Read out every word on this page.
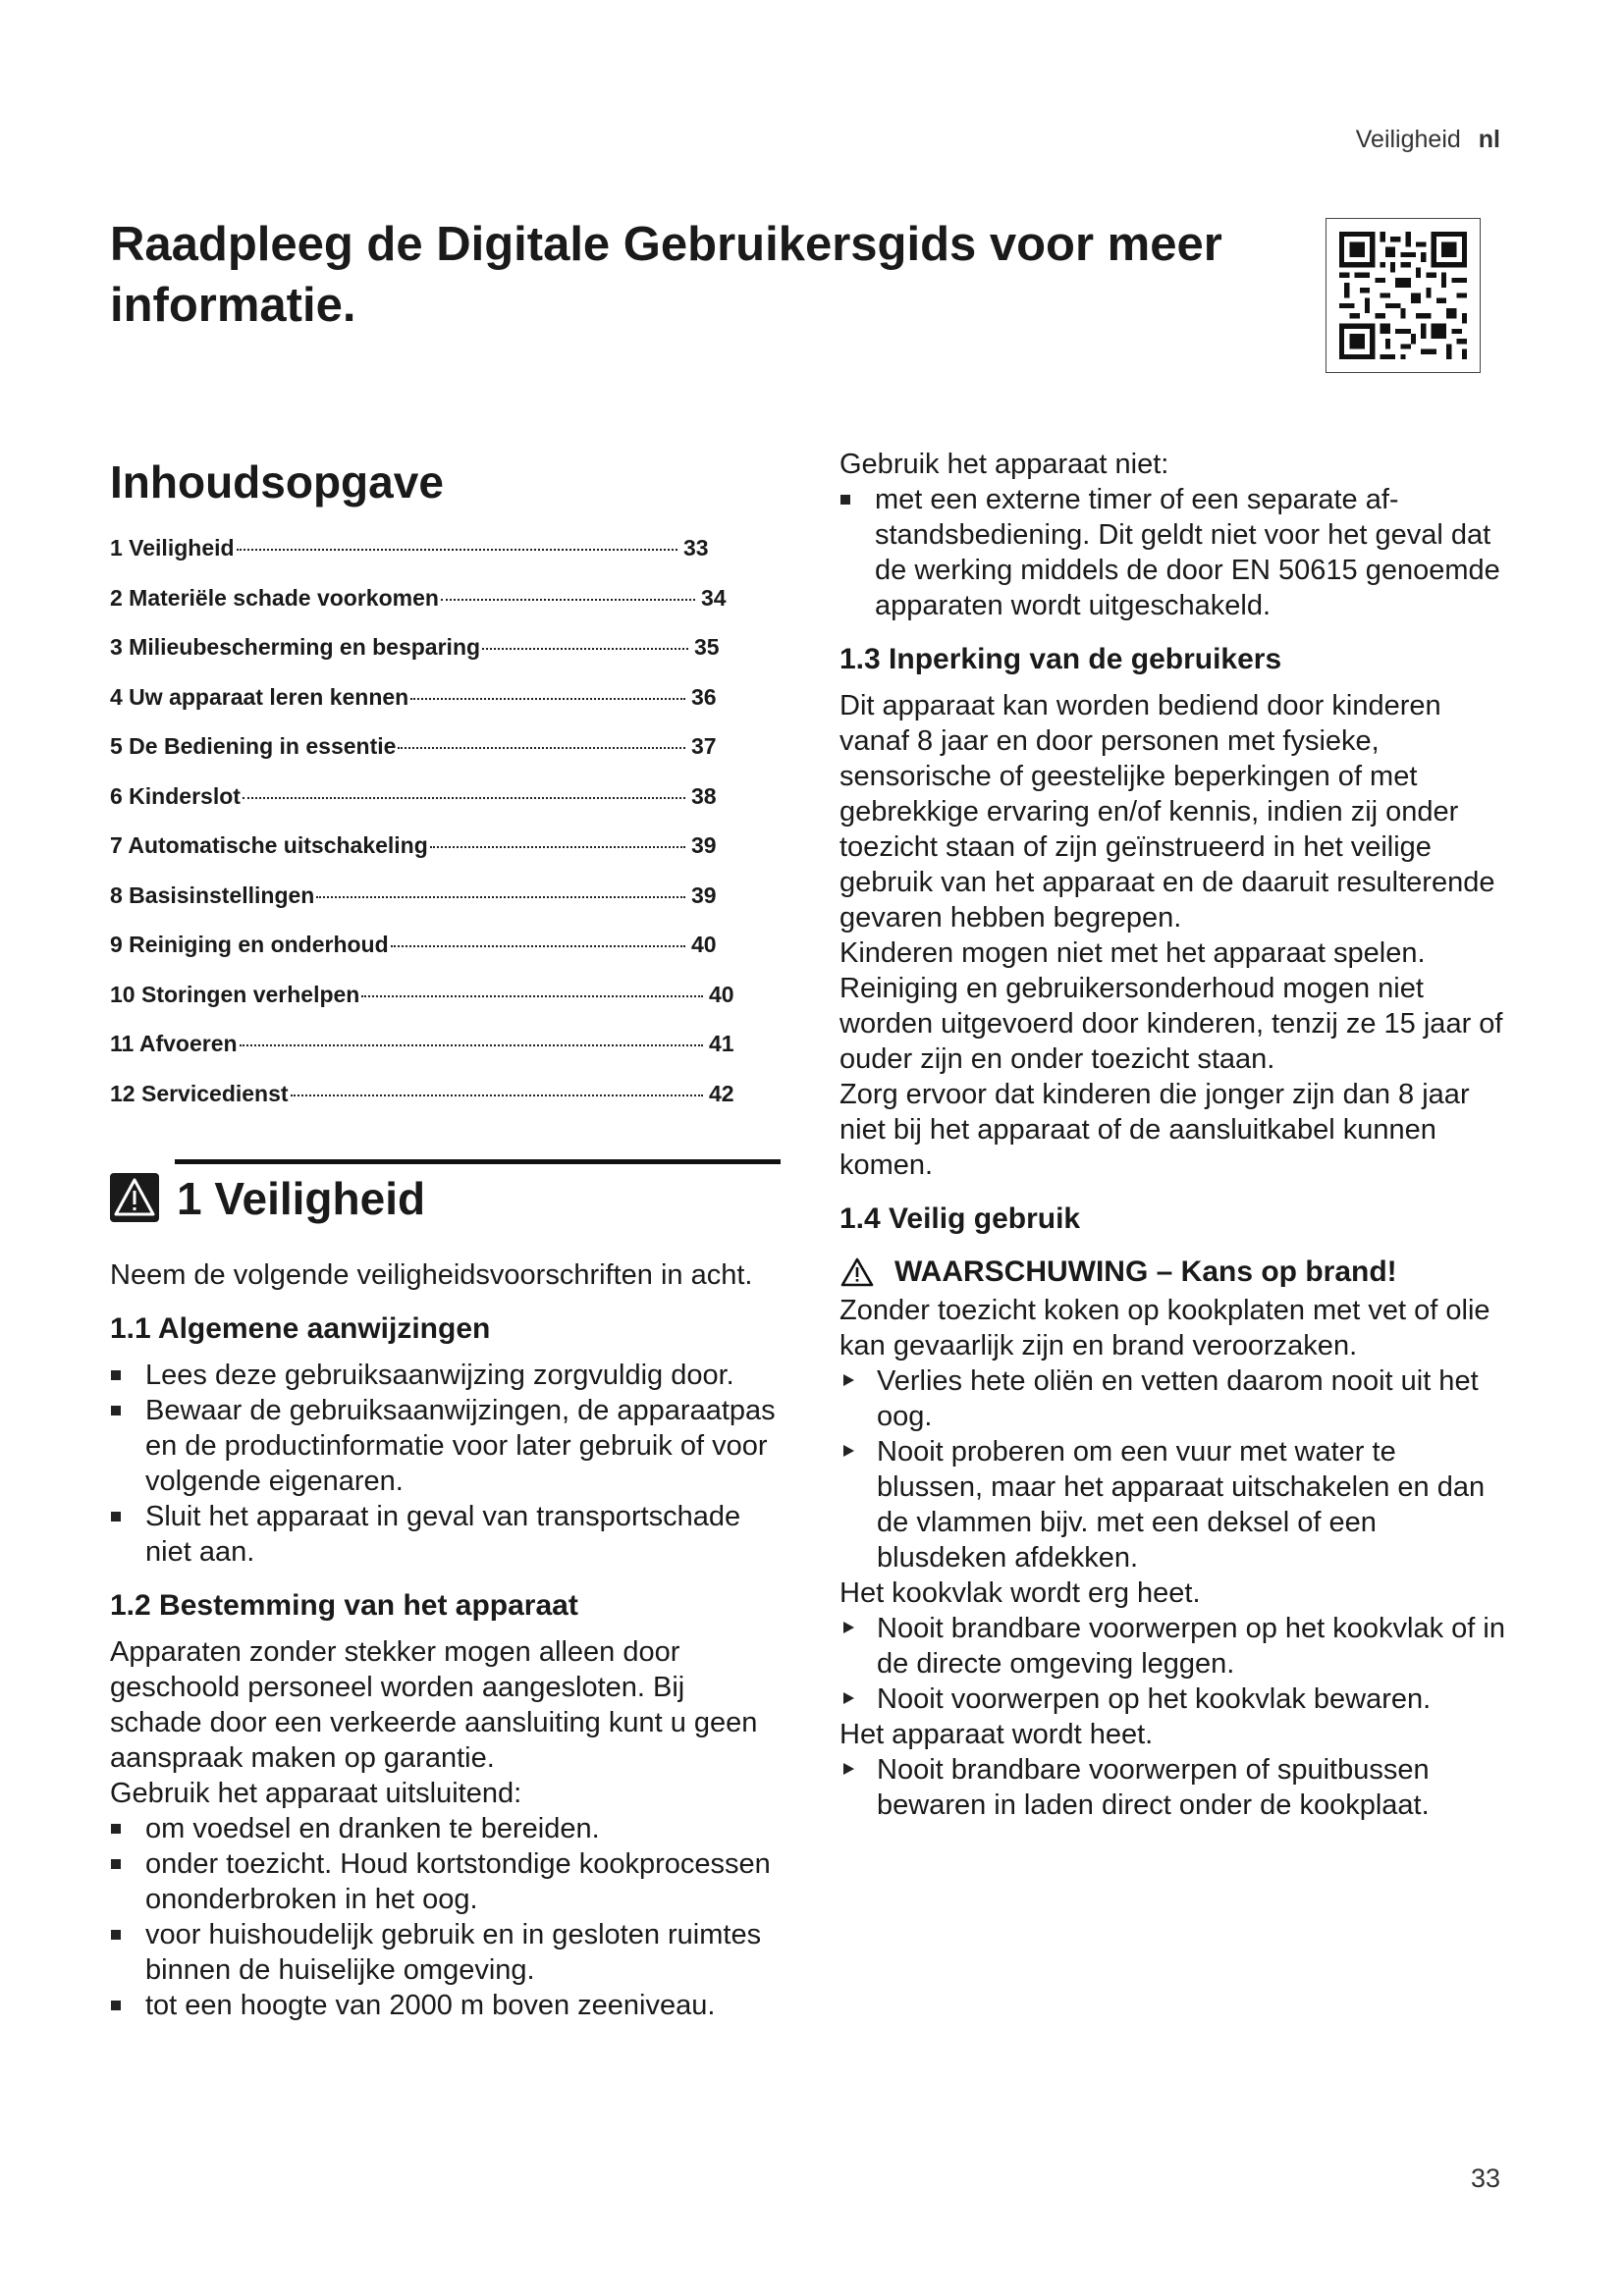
Veiligheid nl
Raadpleeg de Digitale Gebruikersgids voor meer informatie.
Inhoudsopgave
1 Veiligheid	33
2 Materiële schade voorkomen	34
3 Milieubescherming en besparing	35
4 Uw apparaat leren kennen	36
5 De Bediening in essentie	37
6 Kinderslot	38
7 Automatische uitschakeling	39
8 Basisinstellingen	39
9 Reiniging en onderhoud	40
10 Storingen verhelpen	40
11 Afvoeren	41
12 Servicedienst	42
1 Veiligheid

Neem de volgende veiligheidsvoorschriften in acht.

1.1 Algemene aanwijzingen
Lees deze gebruiksaanwijzing zorgvuldig door.
Bewaar de gebruiksaanwijzingen, de apparaatpas en de productinformatie voor later gebruik of voor volgende eigenaren.
Sluit het apparaat in geval van transportschade niet aan.
1.2 Bestemming van het apparaat

Apparaten zonder stekker mogen alleen door geschoold personeel worden aangesloten. Bij schade door een verkeerde aansluiting kunt u geen aanspraak maken op garantie.

Gebruik het apparaat uitsluitend:

om voedsel en dranken te bereiden.
onder toezicht. Houd kortstondige kookprocessen ononderbroken in het oog.
voor huishoudelijk gebruik en in gesloten ruimtes binnen de huiselijke omgeving.
tot een hoogte van 2000 m boven zeeniveau.

Gebruik het apparaat niet:

met een externe timer of een separate afstandsbediening. Dit geldt niet voor het geval dat de werking middels de door EN 50615 genoemde apparaten wordt uitgeschakeld.
1.3 Inperking van de gebruikers

Dit apparaat kan worden bediend door kinderen vanaf 8 jaar en door personen met fysieke, sensorische of geestelijke beperkingen of met gebrekkige ervaring en/of kennis, indien zij onder toezicht staan of zijn geïnstrueerd in het veilige gebruik van het apparaat en de daaruit resulterende gevaren hebben begrepen.

Kinderen mogen niet met het apparaat spelen.

Reiniging en gebruikersonderhoud mogen niet worden uitgevoerd door kinderen, tenzij ze 15 jaar of ouder zijn en onder toezicht staan.

Zorg ervoor dat kinderen die jonger zijn dan 8 jaar niet bij het apparaat of de aansluitkabel kunnen komen.

1.4 Veilig gebruik
WAARSCHUWING – Kans op brand!

Zonder toezicht koken op kookplaten met vet of olie kan gevaarlijk zijn en brand veroorzaken.

Verlies hete oliën en vetten daarom nooit uit het oog.
Nooit proberen om een vuur met water te blussen, maar het apparaat uitschakelen en dan de vlammen bijv. met een deksel of een blusdeken afdekken.

Het kookvlak wordt erg heet.

Nooit brandbare voorwerpen op het kookvlak of in de directe omgeving leggen.
Nooit voorwerpen op het kookvlak bewaren.

Het apparaat wordt heet.

Nooit brandbare voorwerpen of spuitbussen bewaren in laden direct onder de kookplaat.
33
